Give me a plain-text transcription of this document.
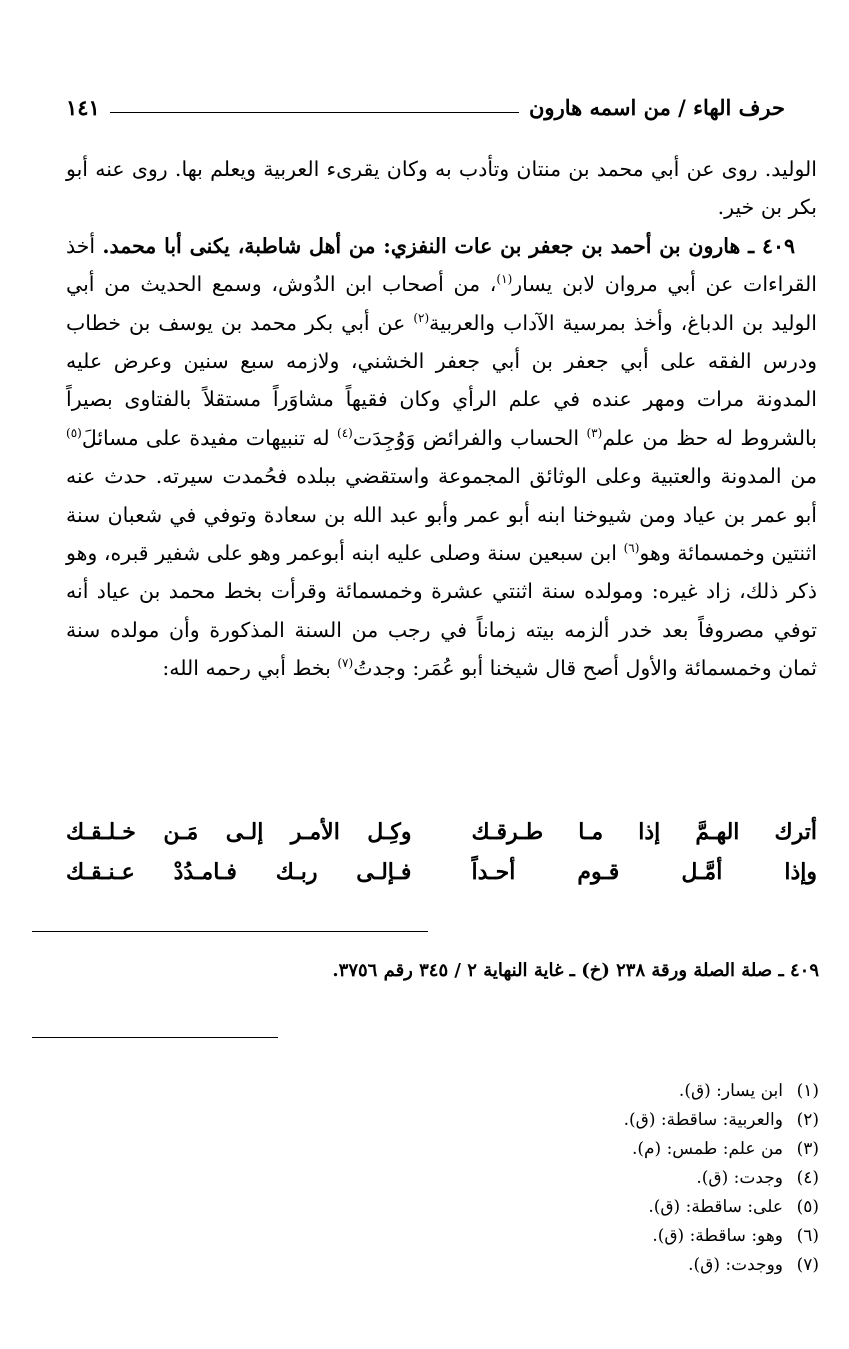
حرف الهاء / من اسمه هارون
١٤١

الوليد. روى عن أبي محمد بن منتان وتأدب به وكان يقرىء العربية ويعلم بها. روى عنه أبو بكر بن خير.

٤٠٩ ـ هارون بن أحمد بن جعفر بن عات النفزي: من أهل شاطبة، يكنى أبا محمد. أخذ القراءات عن أبي مروان لابن يسار$^{(١)}$، من أصحاب ابن الدُوش، وسمع الحديث من أبي الوليد بن الدباغ، وأخذ بمرسية الآداب والعربية$^{(٢)}$ عن أبي بكر محمد بن يوسف بن خطاب ودرس الفقه على أبي جعفر بن أبي جعفر الخشني، ولازمه سبع سنين وعرض عليه المدونة مرات ومهر عنده في علم الرأي وكان فقيهاً مشاوَراً مستقلاً بالفتاوى بصيراً بالشروط له حظ من علم$^{(٣)}$ الحساب والفرائض وَوُجِدَت$^{(٤)}$ له تنبيهات مفيدة على مسائلَ$^{(٥)}$ من المدونة والعتبية وعلى الوثائق المجموعة واستقضي ببلده فحُمدت سيرته. حدث عنه أبو عمر بن عياد ومن شيوخنا ابنه أبو عمر وأبو عبد الله بن سعادة وتوفي في شعبان سنة اثنتين وخمسمائة وهو$^{(٦)}$ ابن سبعين سنة وصلى عليه ابنه أبوعمر وهو على شفير قبره، وهو ذكر ذلك، زاد غيره: ومولده سنة اثنتي عشرة وخمسمائة وقرأت بخط محمد بن عياد أنه توفي مصروفاً بعد خدر ألزمه بيته زماناً في رجب من السنة المذكورة وأن مولده سنة ثمان وخمسمائة والأول أصح قال شيخنا أبو عُمَر: وجدتُ$^{(٧)}$ بخط أبي رحمه الله:

أترك الهـمَّ إذا مـا طـرقـك
وكِـل الأمـر إلـى مَـن خـلـقـك
وإذا أمَّـل قـوم أحـداً
فـإلـى ربـك فـامـدُدْ عـنـقـك
٤٠٩ ـ صلة الصلة ورقة ٢٣٨ (خ) ـ غاية النهاية ٢ / ٣٤٥ رقم ٣٧٥٦.
(١)ابن يسار: (ق).
(٢)والعربية: ساقطة: (ق).
(٣)من علم: طمس: (م).
(٤)وجدت: (ق).
(٥)على: ساقطة: (ق).
(٦)وهو: ساقطة: (ق).
(٧)ووجدت: (ق).
